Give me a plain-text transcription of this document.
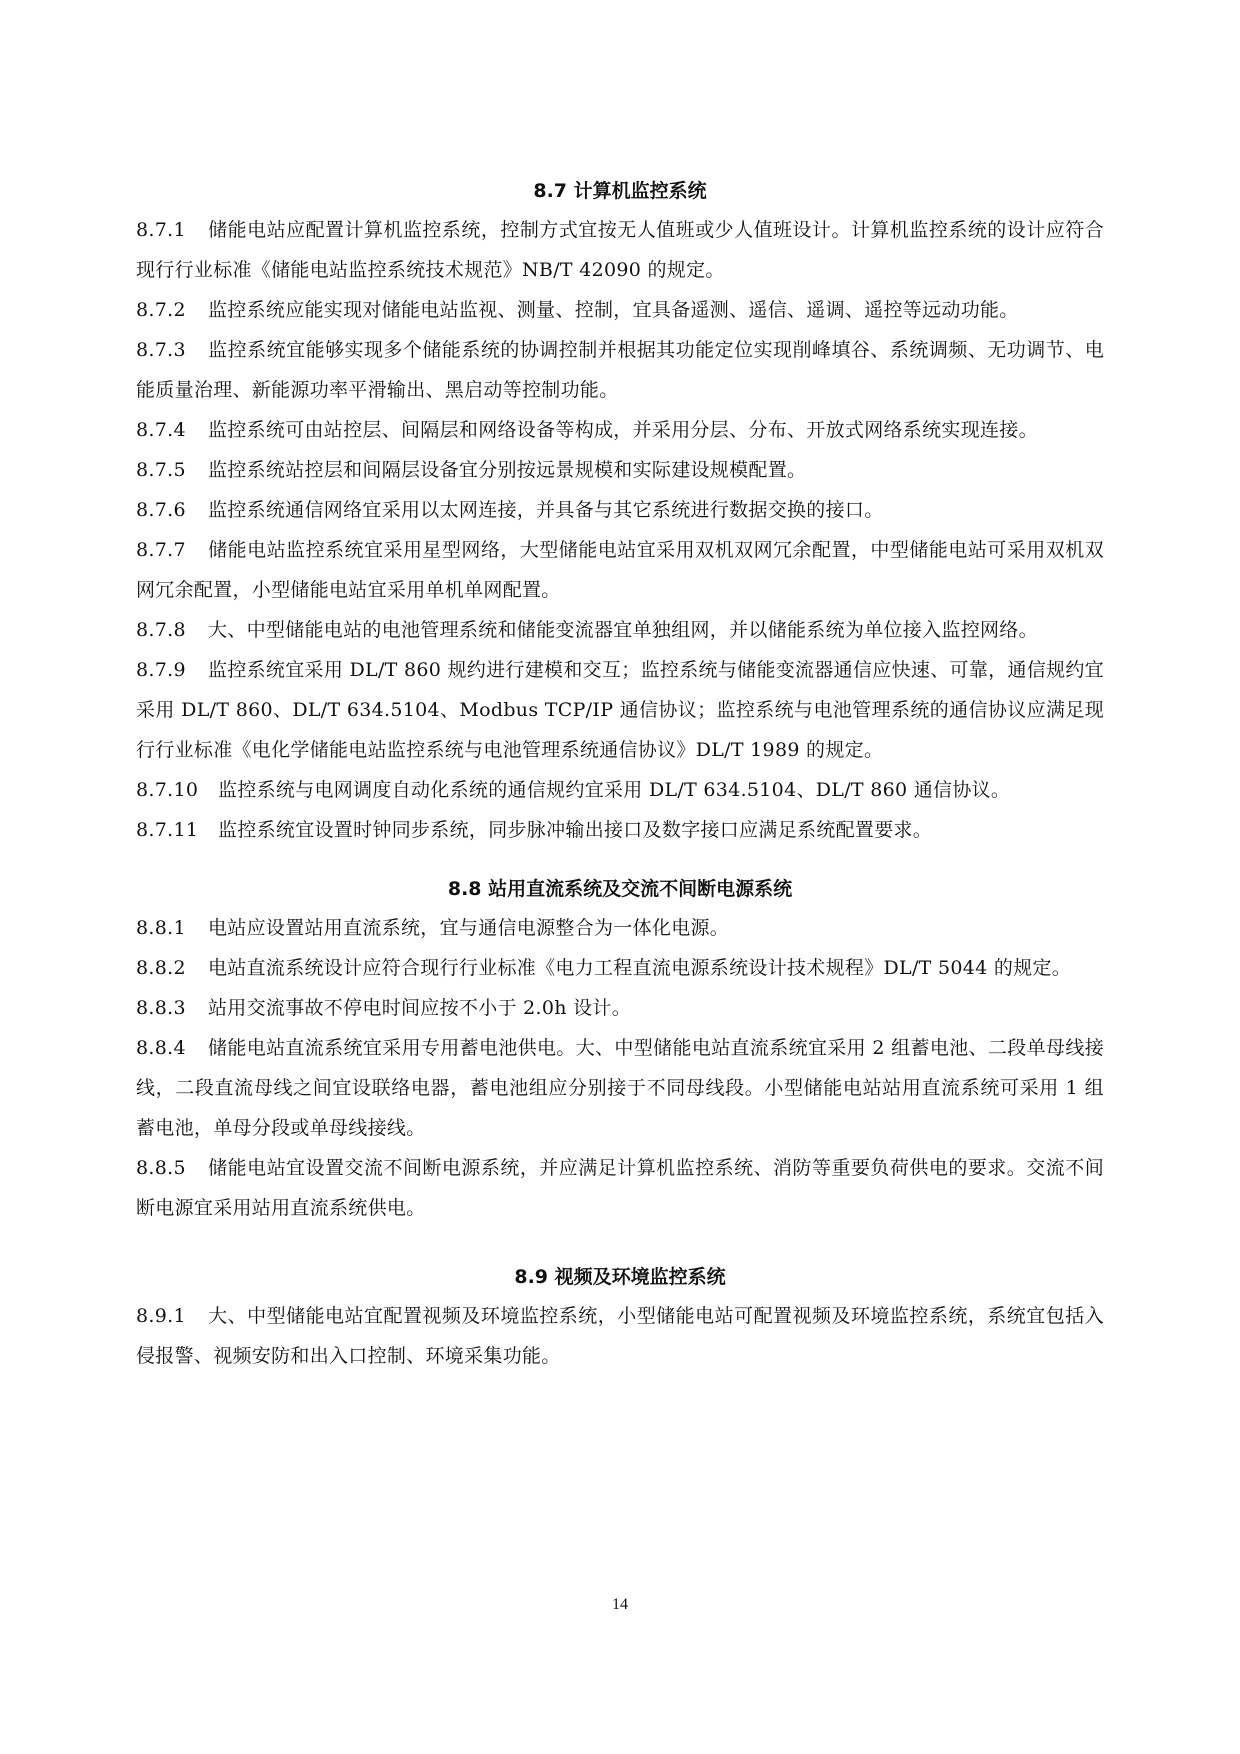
8.7 计算机监控系统

8.7.1 储能电站应配置计算机监控系统，控制方式宜按无人值班或少人值班设计。计算机监控系统的设计应符合现行行业标准《储能电站监控系统技术规范》NB/T 42090 的规定。

8.7.2 监控系统应能实现对储能电站监视、测量、控制，宜具备遥测、遥信、遥调、遥控等远动功能。

8.7.3 监控系统宜能够实现多个储能系统的协调控制并根据其功能定位实现削峰填谷、系统调频、无功调节、电能质量治理、新能源功率平滑输出、黑启动等控制功能。

8.7.4 监控系统可由站控层、间隔层和网络设备等构成，并采用分层、分布、开放式网络系统实现连接。

8.7.5 监控系统站控层和间隔层设备宜分别按远景规模和实际建设规模配置。

8.7.6 监控系统通信网络宜采用以太网连接，并具备与其它系统进行数据交换的接口。

8.7.7 储能电站监控系统宜采用星型网络，大型储能电站宜采用双机双网冗余配置，中型储能电站可采用双机双网冗余配置，小型储能电站宜采用单机单网配置。

8.7.8 大、中型储能电站的电池管理系统和储能变流器宜单独组网，并以储能系统为单位接入监控网络。

8.7.9 监控系统宜采用 DL/T 860 规约进行建模和交互；监控系统与储能变流器通信应快速、可靠，通信规约宜采用 DL/T 860、DL/T 634.5104、Modbus TCP/IP 通信协议；监控系统与电池管理系统的通信协议应满足现行行业标准《电化学储能电站监控系统与电池管理系统通信协议》DL/T 1989 的规定。

8.7.10 监控系统与电网调度自动化系统的通信规约宜采用 DL/T 634.5104、DL/T 860 通信协议。

8.7.11 监控系统宜设置时钟同步系统，同步脉冲输出接口及数字接口应满足系统配置要求。

8.8 站用直流系统及交流不间断电源系统

8.8.1 电站应设置站用直流系统，宜与通信电源整合为一体化电源。

8.8.2 电站直流系统设计应符合现行行业标准《电力工程直流电源系统设计技术规程》DL/T 5044 的规定。

8.8.3 站用交流事故不停电时间应按不小于 2.0h 设计。

8.8.4 储能电站直流系统宜采用专用蓄电池供电。大、中型储能电站直流系统宜采用 2 组蓄电池、二段单母线接线，二段直流母线之间宜设联络电器，蓄电池组应分别接于不同母线段。小型储能电站站用直流系统可采用 1 组蓄电池，单母分段或单母线接线。

8.8.5 储能电站宜设置交流不间断电源系统，并应满足计算机监控系统、消防等重要负荷供电的要求。交流不间断电源宜采用站用直流系统供电。

8.9 视频及环境监控系统

8.9.1 大、中型储能电站宜配置视频及环境监控系统，小型储能电站可配置视频及环境监控系统，系统宜包括入侵报警、视频安防和出入口控制、环境采集功能。

14
